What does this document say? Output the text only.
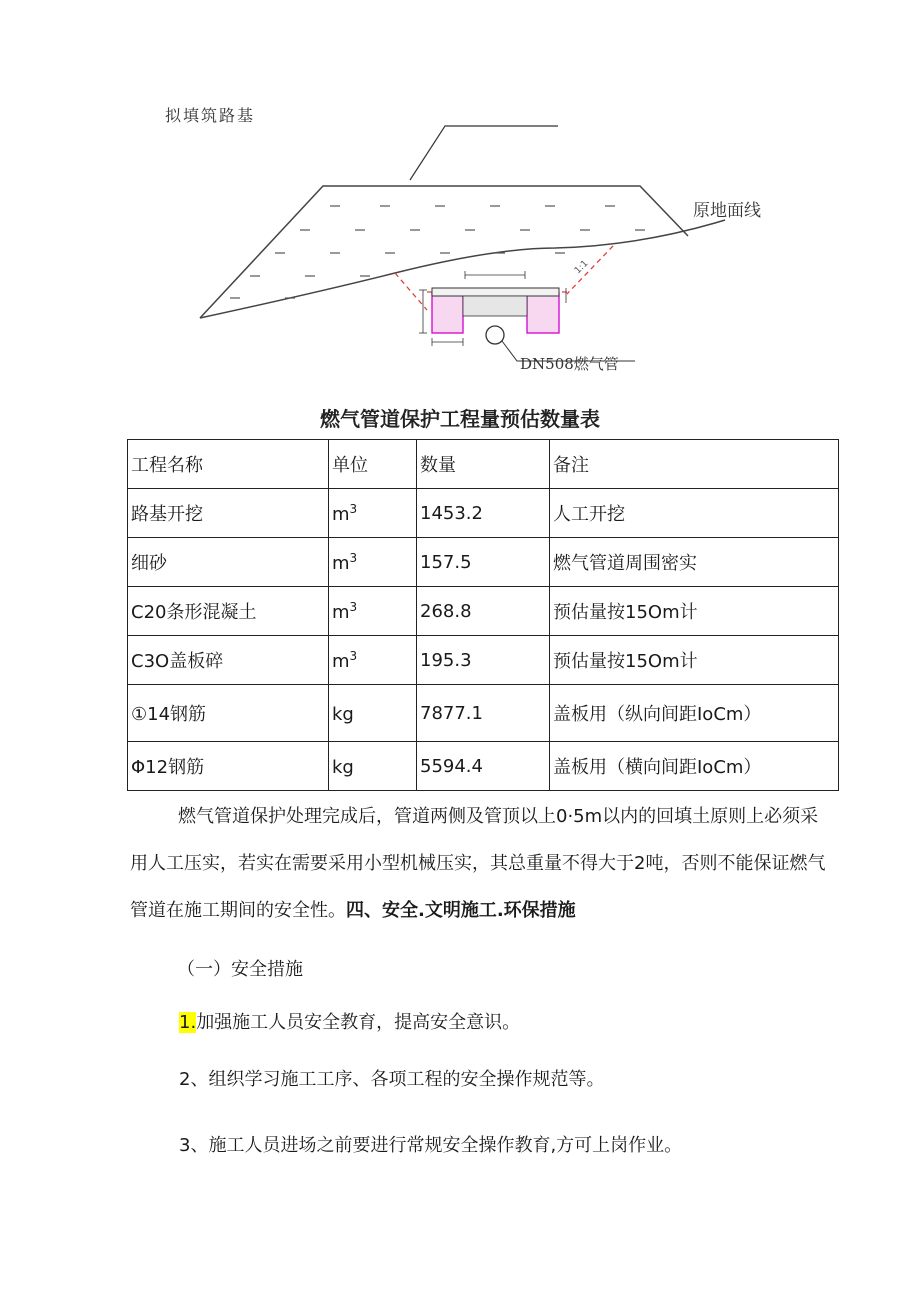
拟填筑路基
1:1
DN508燃气管
原地面线
燃气管道保护工程量预估数量表
工程名称	单位	数量	备注
路基开挖	$m^3$	1453.2	人工开挖
细砂	$m^3$	157.5	燃气管道周围密实
C20条形混凝土	$m^3$	268.8	预估量按15Om计
C3O盖板碎	$m^3$	195.3	预估量按15Om计
①14钢筋	kg	7877.1	盖板用（纵向间距IoCm）
Φ12钢筋	kg	5594.4	盖板用（横向间距IoCm）
燃气管道保护处理完成后，管道两侧及管顶以上0·5m以内的回填土原则上必须采用人工压实，若实在需要采用小型机械压实，其总重量不得大于2吨，否则不能保证燃气管道在施工期间的安全性。四、安全.文明施工.环保措施
（一）安全措施
1.加强施工人员安全教育，提高安全意识。
2、组织学习施工工序、各项工程的安全操作规范等。
3、施工人员进场之前要进行常规安全操作教育,方可上岗作业。
